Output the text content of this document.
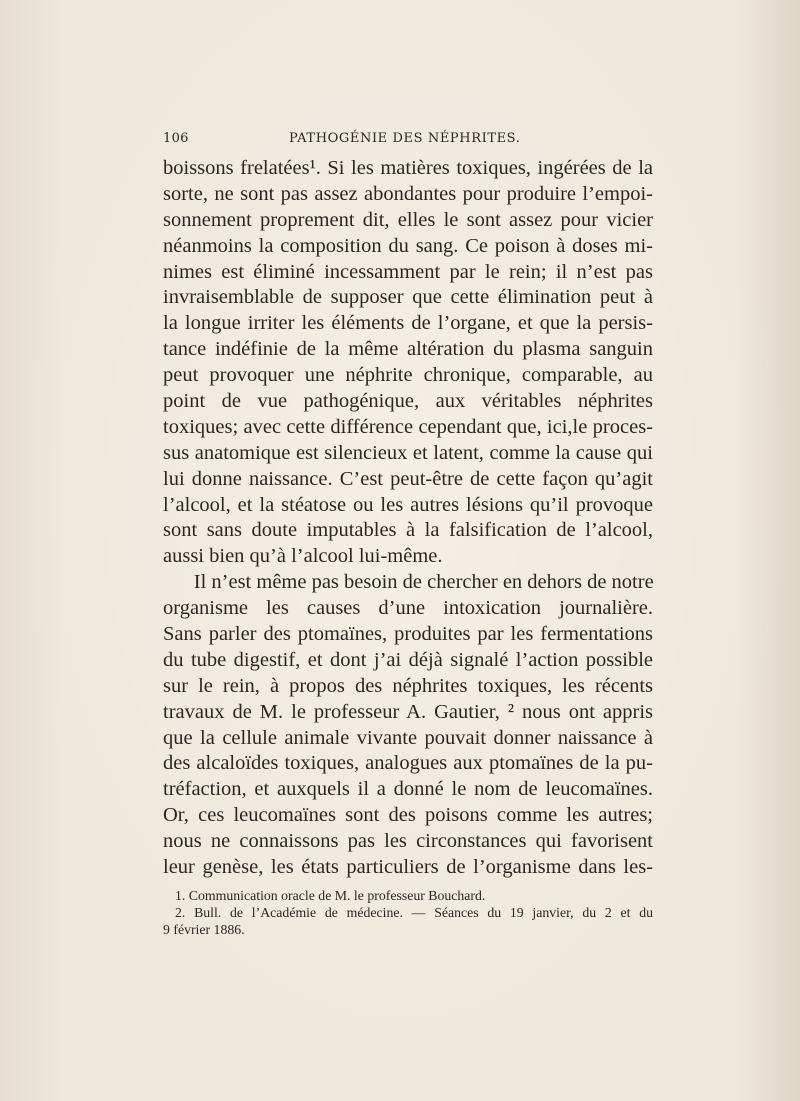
106	PATHOGÉNIE DES NÉPHRITES.
boissons frelatées¹. Si les matières toxiques, ingérées de la
sorte, ne sont pas assez abondantes pour produire l’empoi-
sonnement proprement dit, elles le sont assez pour vicier
néanmoins la composition du sang. Ce poison à doses mi-
nimes est éliminé incessamment par le rein; il n’est pas
invraisemblable de supposer que cette élimination peut à
la longue irriter les éléments de l’organe, et que la persis-
tance indéfinie de la même altération du plasma sanguin
peut provoquer une néphrite chronique, comparable, au
point de vue pathogénique, aux véritables néphrites
toxiques; avec cette différence cependant que, ici,le proces-
sus anatomique est silencieux et latent, comme la cause qui
lui donne naissance. C’est peut-être de cette façon qu’agit
l’alcool, et la stéatose ou les autres lésions qu’il provoque
sont sans doute imputables à la falsification de l’alcool,
aussi bien qu’à l’alcool lui-même.
Il n’est même pas besoin de chercher en dehors de notre
organisme les causes d’une intoxication journalière.
Sans parler des ptomaïnes, produites par les fermentations
du tube digestif, et dont j’ai déjà signalé l’action possible
sur le rein, à propos des néphrites toxiques, les récents
travaux de M. le professeur A. Gautier, ² nous ont appris
que la cellule animale vivante pouvait donner naissance à
des alcaloïdes toxiques, analogues aux ptomaïnes de la pu-
tréfaction, et auxquels il a donné le nom de leucomaïnes.
Or, ces leucomaïnes sont des poisons comme les autres;
nous ne connaissons pas les circonstances qui favorisent
leur genèse, les états particuliers de l’organisme dans les-
1. Communication oracle de M. le professeur Bouchard.
2. Bull. de l’Académie de médecine. — Séances du 19 janvier, du 2 et du
9 février 1886.
